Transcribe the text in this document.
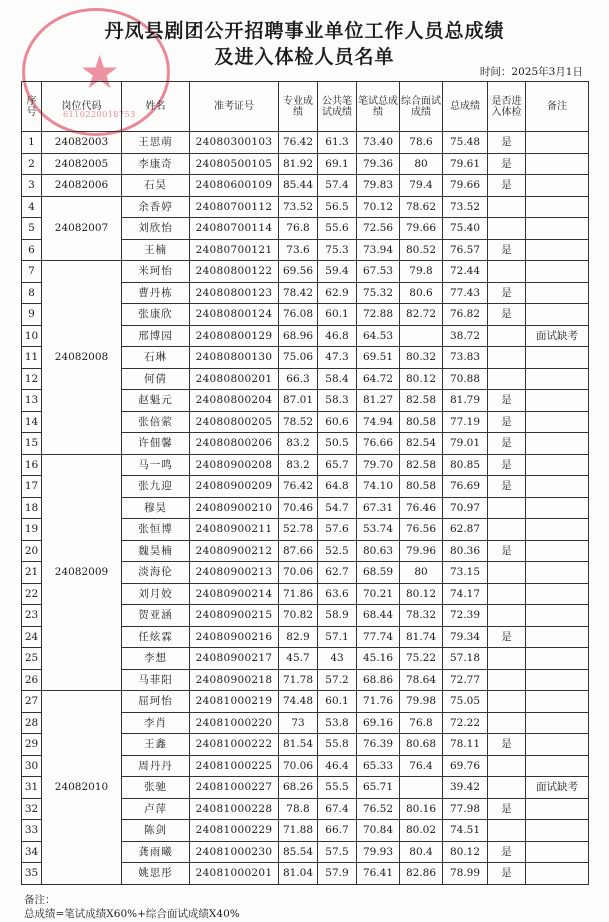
★
6110220018753
丹凤县剧团公开招聘事业单位工作人员总成绩
及进入体检人员名单
时间：2025年3月1日
序号	岗位代码	姓名	准考证号	专业成绩	公共笔试成绩	笔试总成绩	综合面试成绩	总成绩	是否进入体检	备注
1	24082003	王思萌	24080300103	76.42	61.3	73.40	78.6	75.48	是	
2	24082005	李康奇	24080500105	81.92	69.1	79.36	80	79.61	是	
3	24082006	石昊	24080600109	85.44	57.4	79.83	79.4	79.66	是	
4	24082007	余香婷	24080700112	73.52	56.5	70.12	78.62	73.52		
5		刘欣怡	24080700114	76.8	55.6	72.56	79.66	75.40		
6		王楠	24080700121	73.6	75.3	73.94	80.52	76.57	是	
7	24082008	米珂怡	24080800122	69.56	59.4	67.53	79.8	72.44		
8		曹丹栋	24080800123	78.42	62.9	75.32	80.6	77.43	是	
9		张康欣	24080800124	76.08	60.1	72.88	82.72	76.82	是	
10		邢博园	24080800129	68.96	46.8	64.53		38.72		面试缺考
11		石琳	24080800130	75.06	47.3	69.51	80.32	73.83		
12		何倩	24080800201	66.3	58.4	64.72	80.12	70.88		
13		赵魁元	24080800204	87.01	58.3	81.27	82.58	81.79	是	
14		张倍萦	24080800205	78.52	60.6	74.94	80.58	77.19	是	
15		许佃馨	24080800206	83.2	50.5	76.66	82.54	79.01	是	
16	24082009	马一鸣	24080900208	83.2	65.7	79.70	82.58	80.85	是	
17		张九迎	24080900209	76.42	64.8	74.10	80.58	76.69	是	
18		穆昊	24080900210	70.46	54.7	67.31	76.46	70.97		
19		张恒博	24080900211	52.78	57.6	53.74	76.56	62.87		
20		魏昊楠	24080900212	87.66	52.5	80.63	79.96	80.36	是	
21		淡海伦	24080900213	70.06	62.7	68.59	80	73.15		
22		刘月姣	24080900214	71.86	63.6	70.21	80.12	74.17		
23		贺亚涵	24080900215	70.82	58.9	68.44	78.32	72.39		
24		任炫霖	24080900216	82.9	57.1	77.74	81.74	79.34	是	
25		李想	24080900217	45.7	43	45.16	75.22	57.18		
26		马菲阳	24080900218	71.78	57.2	68.86	78.64	72.77		
27	24082010	屈珂怡	24081000219	74.48	60.1	71.76	79.98	75.05		
28		李肖	24081000220	73	53.8	69.16	76.8	72.22		
29		王鑫	24081000222	81.54	55.8	76.39	80.68	78.11	是	
30		周丹丹	24081000225	70.06	46.4	65.33	76.4	69.76		
31		张驰	24081000227	68.26	55.5	65.71		39.42		面试缺考
32		卢萍	24081000228	78.8	67.4	76.52	80.16	77.98	是	
33		陈剑	24081000229	71.88	66.7	70.84	80.02	74.51		
34		龚雨曦	24081000230	85.54	57.5	79.93	80.4	80.12	是	
35		姚思彤	24081000201	81.04	57.9	76.41	82.86	78.99	是	
备注：
总成绩=笔试成绩X60%+综合面试成绩X40%
